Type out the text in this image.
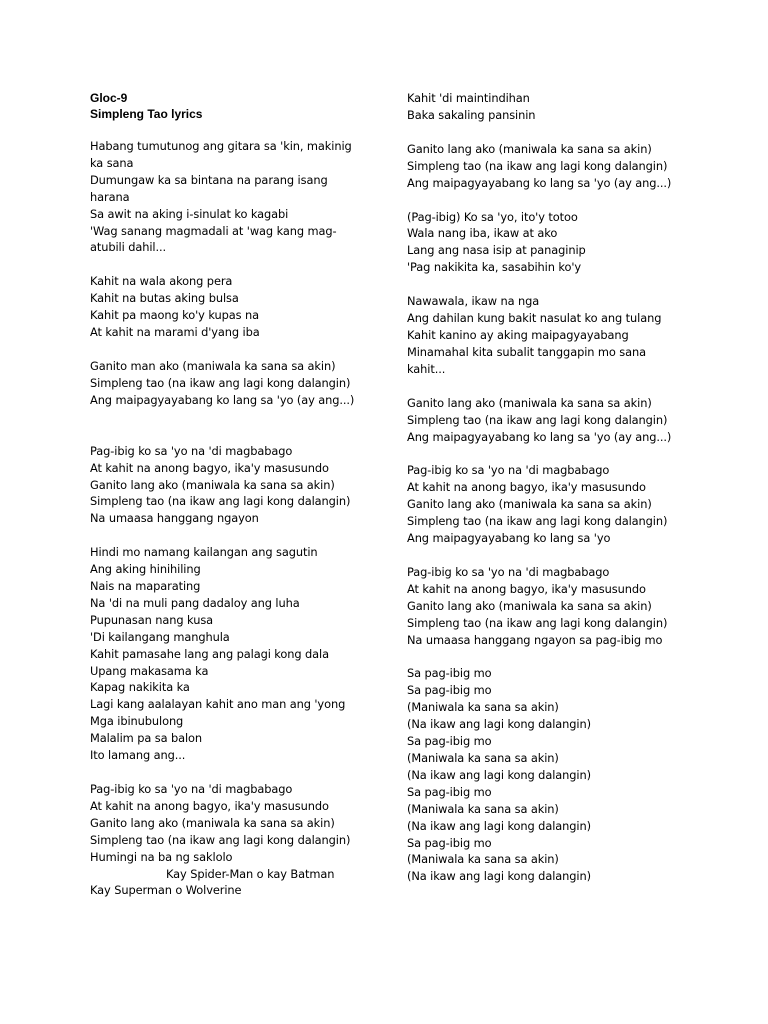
Gloc-9
Simpleng Tao lyrics
Habang tumutunog ang gitara sa 'kin, makinig
ka sana
Dumungaw ka sa bintana na parang isang
harana
Sa awit na aking i-sinulat ko kagabi
'Wag sanang magmadali at 'wag kang mag-
atubili dahil...
Kahit na wala akong pera
Kahit na butas aking bulsa
Kahit pa maong ko'y kupas na
At kahit na marami d'yang iba
Ganito man ako (maniwala ka sana sa akin)
Simpleng tao (na ikaw ang lagi kong dalangin)
Ang maipagyayabang ko lang sa 'yo (ay ang...)
Pag-ibig ko sa 'yo na 'di magbabago
At kahit na anong bagyo, ika'y masusundo
Ganito lang ako (maniwala ka sana sa akin)
Simpleng tao (na ikaw ang lagi kong dalangin)
Na umaasa hanggang ngayon
Hindi mo namang kailangan ang sagutin
Ang aking hinihiling
Nais na maparating
Na 'di na muli pang dadaloy ang luha
Pupunasan nang kusa
'Di kailangang manghula
Kahit pamasahe lang ang palagi kong dala
Upang makasama ka
Kapag nakikita ka
Lagi kang aalalayan kahit ano man ang 'yong
Mga ibinubulong
Malalim pa sa balon
Ito lamang ang...
Pag-ibig ko sa 'yo na 'di magbabago
At kahit na anong bagyo, ika'y masusundo
Ganito lang ako (maniwala ka sana sa akin)
Simpleng tao (na ikaw ang lagi kong dalangin)
Humingi na ba ng saklolo
Kay Spider-Man o kay Batman
Kay Superman o Wolverine
Kahit 'di maintindihan
Baka sakaling pansinin
Ganito lang ako (maniwala ka sana sa akin)
Simpleng tao (na ikaw ang lagi kong dalangin)
Ang maipagyayabang ko lang sa 'yo (ay ang...)
(Pag-ibig) Ko sa 'yo, ito'y totoo
Wala nang iba, ikaw at ako
Lang ang nasa isip at panaginip
'Pag nakikita ka, sasabihin ko'y
Nawawala, ikaw na nga
Ang dahilan kung bakit nasulat ko ang tulang
Kahit kanino ay aking maipagyayabang
Minamahal kita subalit tanggapin mo sana
kahit...
Ganito lang ako (maniwala ka sana sa akin)
Simpleng tao (na ikaw ang lagi kong dalangin)
Ang maipagyayabang ko lang sa 'yo (ay ang...)
Pag-ibig ko sa 'yo na 'di magbabago
At kahit na anong bagyo, ika'y masusundo
Ganito lang ako (maniwala ka sana sa akin)
Simpleng tao (na ikaw ang lagi kong dalangin)
Ang maipagyayabang ko lang sa 'yo
Pag-ibig ko sa 'yo na 'di magbabago
At kahit na anong bagyo, ika'y masusundo
Ganito lang ako (maniwala ka sana sa akin)
Simpleng tao (na ikaw ang lagi kong dalangin)
Na umaasa hanggang ngayon sa pag-ibig mo
Sa pag-ibig mo
Sa pag-ibig mo
(Maniwala ka sana sa akin)
(Na ikaw ang lagi kong dalangin)
Sa pag-ibig mo
(Maniwala ka sana sa akin)
(Na ikaw ang lagi kong dalangin)
Sa pag-ibig mo
(Maniwala ka sana sa akin)
(Na ikaw ang lagi kong dalangin)
Sa pag-ibig mo
(Maniwala ka sana sa akin)
(Na ikaw ang lagi kong dalangin)
